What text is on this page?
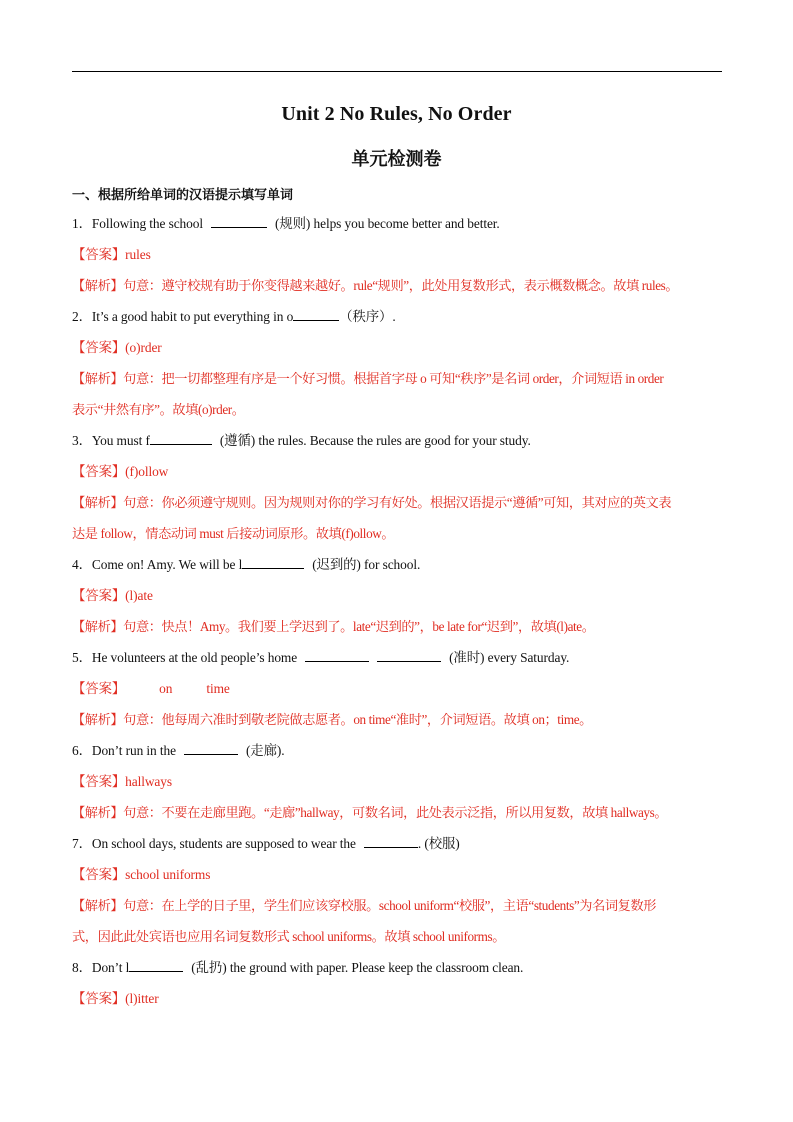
Unit 2 No Rules, No Order
单元检测卷
一、根据所给单词的汉语提示填写单词
1．Following the school	(规则) helps you become better and better.
【答案】rules
【解析】句意：遵守校规有助于你变得越来越好。rule“规则”，此处用复数形式，表示概数概念。故填 rules。
2．It’s a good habit to put everything in o	（秩序）.
【答案】(o)rder
【解析】句意：把一切都整理有序是一个好习惯。根据首字母 o 可知“秩序”是名词 order，介词短语 in order
表示“井然有序”。故填(o)rder。
3．You must f	(遵循) the rules. Because the rules are good for your study.
【答案】(f)ollow
【解析】句意：你必须遵守规则。因为规则对你的学习有好处。根据汉语提示“遵循”可知，其对应的英文表
达是 follow，情态动词 must 后接动词原形。故填(f)ollow。
4．Come on! Amy. We will be l	(迟到的) for school.
【答案】(l)ate
【解析】句意：快点！Amy。我们要上学迟到了。late“迟到的”，be late for“迟到”，故填(l)ate。
5．He volunteers at the old people’s home	(准时) every Saturday.
【答案】	on	time
【解析】句意：他每周六准时到敬老院做志愿者。on time“准时”，介词短语。故填 on；time。
6．Don’t run in the	(走廊).
【答案】hallways
【解析】句意：不要在走廊里跑。“走廊”hallway，可数名词，此处表示泛指，所以用复数，故填 hallways。
7．On school days, students are supposed to wear the	. (校服)
【答案】school uniforms
【解析】句意：在上学的日子里，学生们应该穿校服。school uniform“校服”，主语“students”为名词复数形
式，因此此处宾语也应用名词复数形式 school uniforms。故填 school uniforms。
8．Don’t l	(乱扔) the ground with paper. Please keep the classroom clean.
【答案】(l)itter
